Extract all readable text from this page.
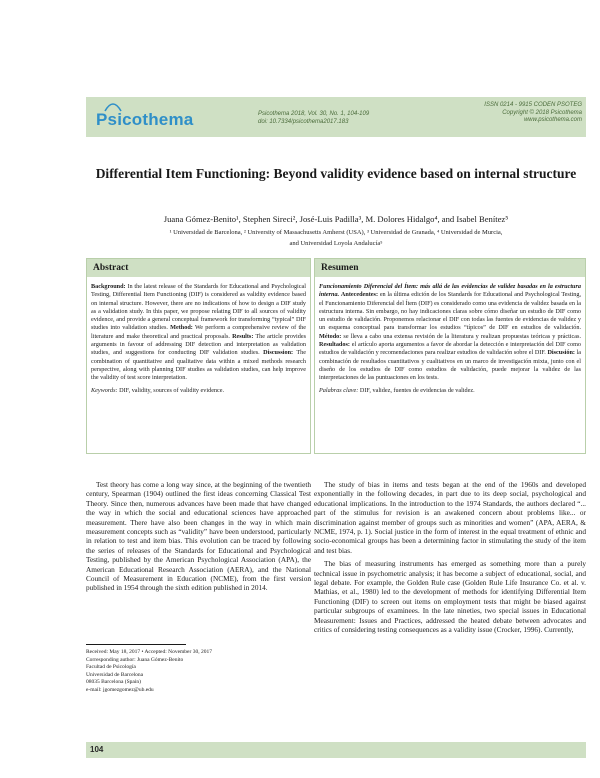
Psicothema	Psicothema 2018, Vol. 30, No. 1, 104-109
doi: 10.7334/psicothema2017.183
ISSN 0214 - 9915 CODEN PSOTEG
Copyright © 2018 Psicothema
www.psicothema.com
Differential Item Functioning: Beyond validity evidence based on internal structure
Juana Gómez-Benito¹, Stephen Sireci², José-Luis Padilla³, M. Dolores Hidalgo⁴, and Isabel Benítez⁵
¹ Universidad de Barcelona, ² University of Massachusetts Amherst (USA), ³ Universidad de Granada, ⁴ Universidad de Murcia,
and Universidad Loyola Andalucía⁵
Abstract

Background: In the latest release of the Standards for Educational and Psychological Testing, Differential Item Functioning (DIF) is considered as validity evidence based on internal structure. However, there are no indications of how to design a DIF study as a validation study. In this paper, we propose relating DIF to all sources of validity evidence, and provide a general conceptual framework for transforming “typical” DIF studies into validation studies. Method: We perform a comprehensive review of the literature and make theoretical and practical proposals. Results: The article provides arguments in favour of addressing DIF detection and interpretation as validation studies, and suggestions for conducting DIF validation studies. Discussion: The combination of quantitative and qualitative data within a mixed methods research perspective, along with planning DIF studies as validation studies, can help improve the validity of test score interpretation.

Keywords: DIF, validity, sources of validity evidence.

Resumen

Funcionamiento Diferencial del Ítem: más allá de las evidencias de validez basadas en la estructura interna. Antecedentes: en la última edición de los Standards for Educational and Psychological Testing, el Funcionamiento Diferencial del Ítem (DIF) es considerado como una evidencia de validez basada en la estructura interna. Sin embargo, no hay indicaciones claras sobre cómo diseñar un estudio de DIF como un estudio de validación. Proponemos relacionar el DIF con todas las fuentes de evidencias de validez y un esquema conceptual para transformar los estudios “típicos” de DIF en estudios de validación. Método: se lleva a cabo una extensa revisión de la literatura y realizan propuestas teóricas y prácticas. Resultados: el artículo aporta argumentos a favor de abordar la detección e interpretación del DIF como estudios de validación y recomendaciones para realizar estudios de validación sobre el DIF. Discusión: la combinación de resultados cuantitativos y cualitativos en un marco de investigación mixta, junto con el diseño de los estudios de DIF como estudios de validación, puede mejorar la validez de las interpretaciones de las puntuaciones en los tests.

Palabras clave: DIF, validez, fuentes de evidencias de validez.

Test theory has come a long way since, at the beginning of the twentieth century, Spearman (1904) outlined the first ideas concerning Classical Test Theory. Since then, numerous advances have been made that have changed the way in which the social and educational sciences have approached measurement. There have also been changes in the way in which main measurement concepts such as “validity” have been understood, particularly in relation to test and item bias. This evolution can be traced by following the series of releases of the Standards for Educational and Psychological Testing, published by the American Psychological Association (APA), the American Educational Research Association (AERA), and the National Council of Measurement in Education (NCME), from the first version published in 1954 through the sixth edition published in 2014.

The study of bias in items and tests began at the end of the 1960s and developed exponentially in the following decades, in part due to its deep social, psychological and educational implications. In the introduction to the 1974 Standards, the authors declared “... part of the stimulus for revision is an awakened concern about problems like... or discrimination against member of groups such as minorities and women” (APA, AERA, & NCME, 1974, p. 1). Social justice in the form of interest in the equal treatment of ethnic and socio-economical groups has been a determining factor in stimulating the study of the item and test bias.

The bias of measuring instruments has emerged as something more than a purely technical issue in psychometric analysis; it has become a subject of educational, social, and legal debate. For example, the Golden Rule case (Golden Rule Life Insurance Co. et al. v. Mathias, et al., 1980) led to the development of methods for identifying Differential Item Functioning (DIF) to screen out items on employment tests that might be biased against particular subgroups of examinees. In the late nineties, two special issues in Educational Measurement: Issues and Practices, addressed the heated debate between advocates and critics of considering testing consequences as a validity issue (Crocker, 1996). Currently,

Received: May 18, 2017 • Accepted: November 30, 2017
Corresponding author: Juana Gómez-Benito
Facultad de Psicología
Universidad de Barcelona
08035 Barcelona (Spain)
e-mail: jgomezgomez@ub.edu
104
